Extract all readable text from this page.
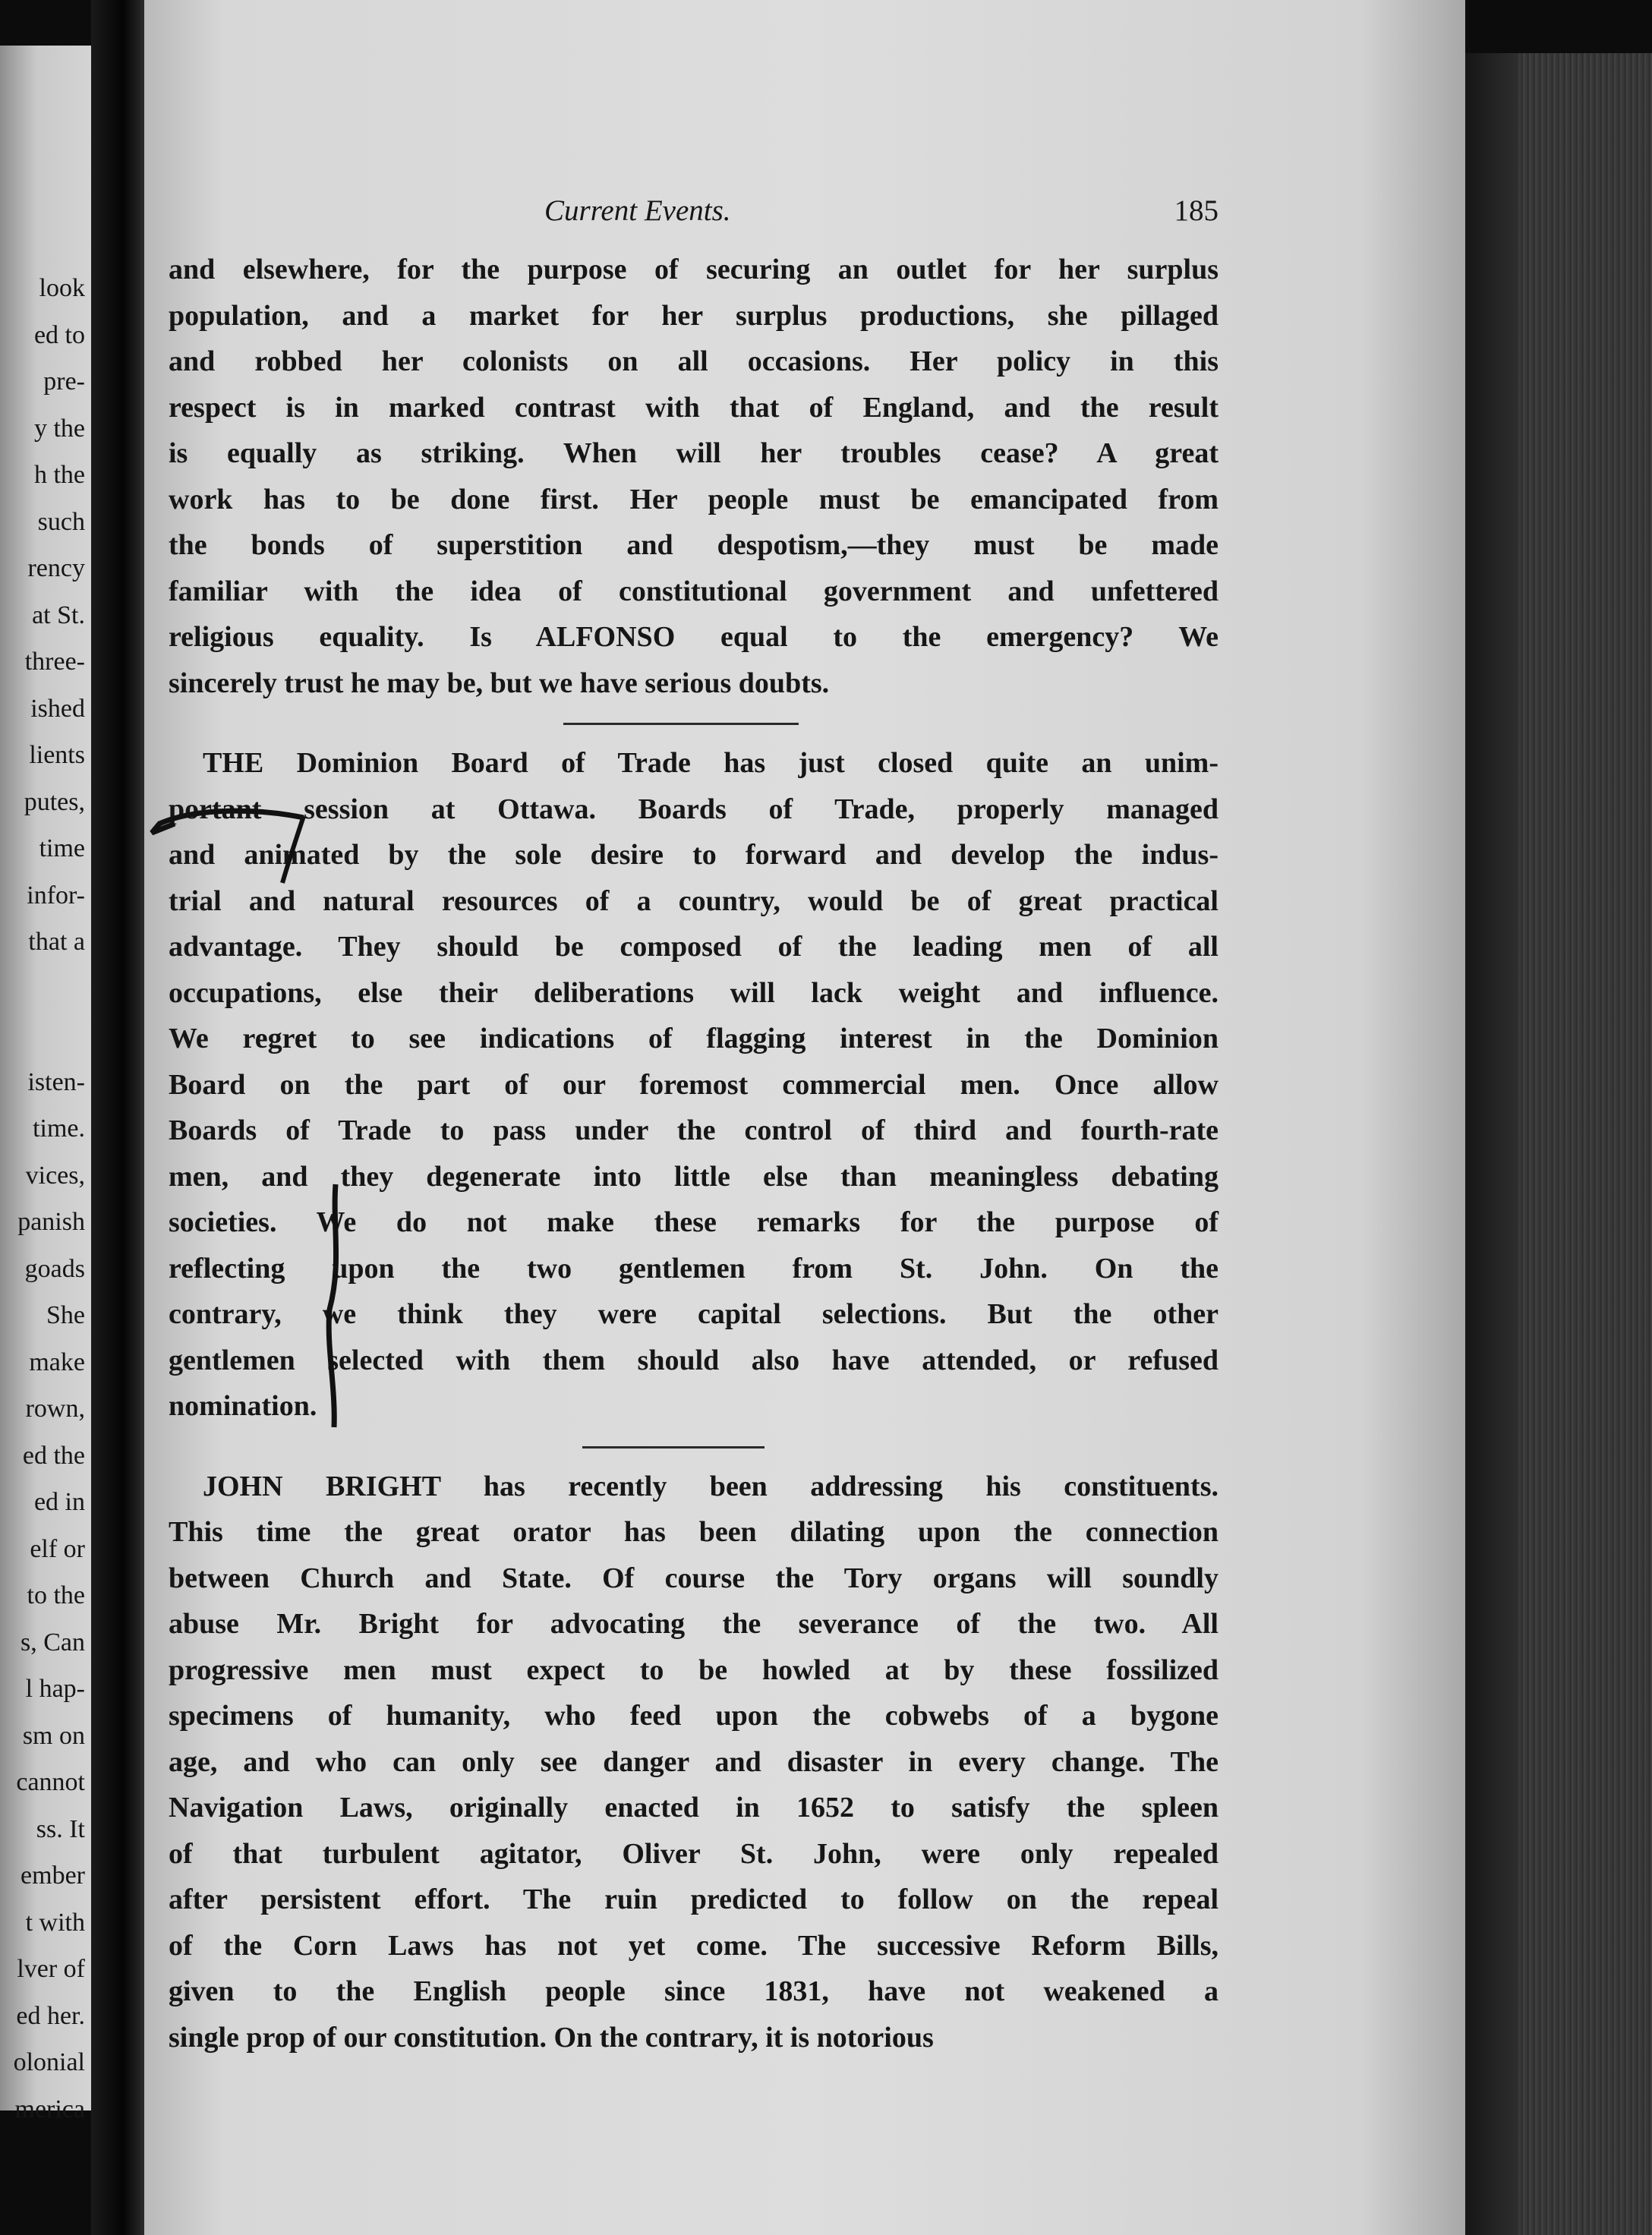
look
ed to
pre-
y the
h the
such
rency
at St.
three-
ished
lients
putes,
time
infor-
that a
isten-
time.
vices,
panish
goads
She
make
rown,
ed the
ed in
elf or
to the
s, Can
l hap-
sm on
cannot
ss. It
ember
t with
lver of
ed her.
olonial
merica
Current Events.	185
and elsewhere, for the purpose of securing an outlet for her surplus
population, and a market for her surplus productions, she pillaged
and robbed her colonists on all occasions. Her policy in this
respect is in marked contrast with that of England, and the result
is equally as striking. When will her troubles cease? A great
work has to be done first. Her people must be emancipated from
the bonds of superstition and despotism,—they must be made
familiar with the idea of constitutional government and unfettered
religious equality. Is ALFONSO equal to the emergency? We
sincerely trust he may be, but we have serious doubts.
THE Dominion Board of Trade has just closed quite an unim-
portant session at Ottawa. Boards of Trade, properly managed
and animated by the sole desire to forward and develop the indus-
trial and natural resources of a country, would be of great practical
advantage. They should be composed of the leading men of all
occupations, else their deliberations will lack weight and influence.
We regret to see indications of flagging interest in the Dominion
Board on the part of our foremost commercial men. Once allow
Boards of Trade to pass under the control of third and fourth-rate
men, and they degenerate into little else than meaningless debating
societies. We do not make these remarks for the purpose of
reflecting upon the two gentlemen from St. John. On the
contrary, we think they were capital selections. But the other
gentlemen selected with them should also have attended, or refused
nomination.
JOHN BRIGHT has recently been addressing his constituents.
This time the great orator has been dilating upon the connection
between Church and State. Of course the Tory organs will soundly
abuse Mr. Bright for advocating the severance of the two. All
progressive men must expect to be howled at by these fossilized
specimens of humanity, who feed upon the cobwebs of a bygone
age, and who can only see danger and disaster in every change. The
Navigation Laws, originally enacted in 1652 to satisfy the spleen
of that turbulent agitator, Oliver St. John, were only repealed
after persistent effort. The ruin predicted to follow on the repeal
of the Corn Laws has not yet come. The successive Reform Bills,
given to the English people since 1831, have not weakened a
single prop of our constitution. On the contrary, it is notorious
